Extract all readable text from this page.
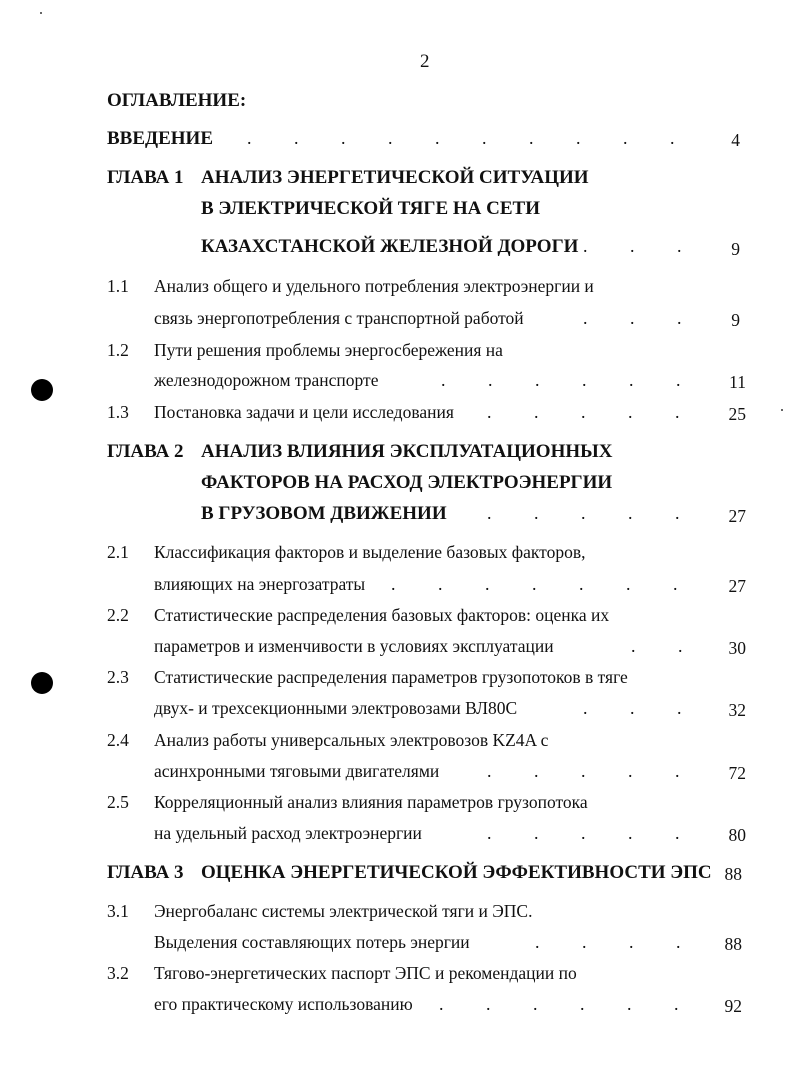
2
ОГЛАВЛЕНИЕ:
ВВЕДЕНИЕ . . . . . . . . . .	4
ГЛАВА 1 АНАЛИЗ ЭНЕРГЕТИЧЕСКОЙ СИТУАЦИИ
В ЭЛЕКТРИЧЕСКОЙ ТЯГЕ НА СЕТИ
КАЗАХСТАНСКОЙ ЖЕЛЕЗНОЙ ДОРОГИ . . .	9
1.1 Анализ общего и удельного потребления электроэнергии и
связь энергопотребления с транспортной работой	. . .	9
1.2 Пути решения проблемы энергосбережения на
железнодорожном транспорте	. . . . . .	11
1.3 Постановка задачи и цели исследования . . . . .	25
ГЛАВА 2 АНАЛИЗ ВЛИЯНИЯ ЭКСПЛУАТАЦИОННЫХ
ФАКТОРОВ НА РАСХОД ЭЛЕКТРОЭНЕРГИИ
В ГРУЗОВОМ ДВИЖЕНИИ . . . . .	27
2.1 Классификация факторов и выделение базовых факторов,
влияющих на энергозатраты . . . . . . .	27
2.2 Статистические распределения базовых факторов: оценка их
параметров и изменчивости в условиях эксплуатации	. .	30
2.3 Статистические распределения параметров грузопотоков в тяге
двух- и трехсекционными электровозами ВЛ80С	. . .	32
2.4 Анализ работы универсальных электровозов KZ4A с
асинхронными тяговыми двигателями	. . . . .	72
2.5 Корреляционный анализ влияния параметров грузопотока
на удельный расход электроэнергии	. . . . .	80
ГЛАВА 3 ОЦЕНКА ЭНЕРГЕТИЧЕСКОЙ ЭФФЕКТИВНОСТИ ЭПС 88
3.1 Энергобаланс системы электрической тяги и ЭПС.
Выделения составляющих потерь энергии	. . . .	88
3.2 Тягово-энергетических паспорт ЭПС и рекомендации по
его практическому использованию . . . . . .	92
